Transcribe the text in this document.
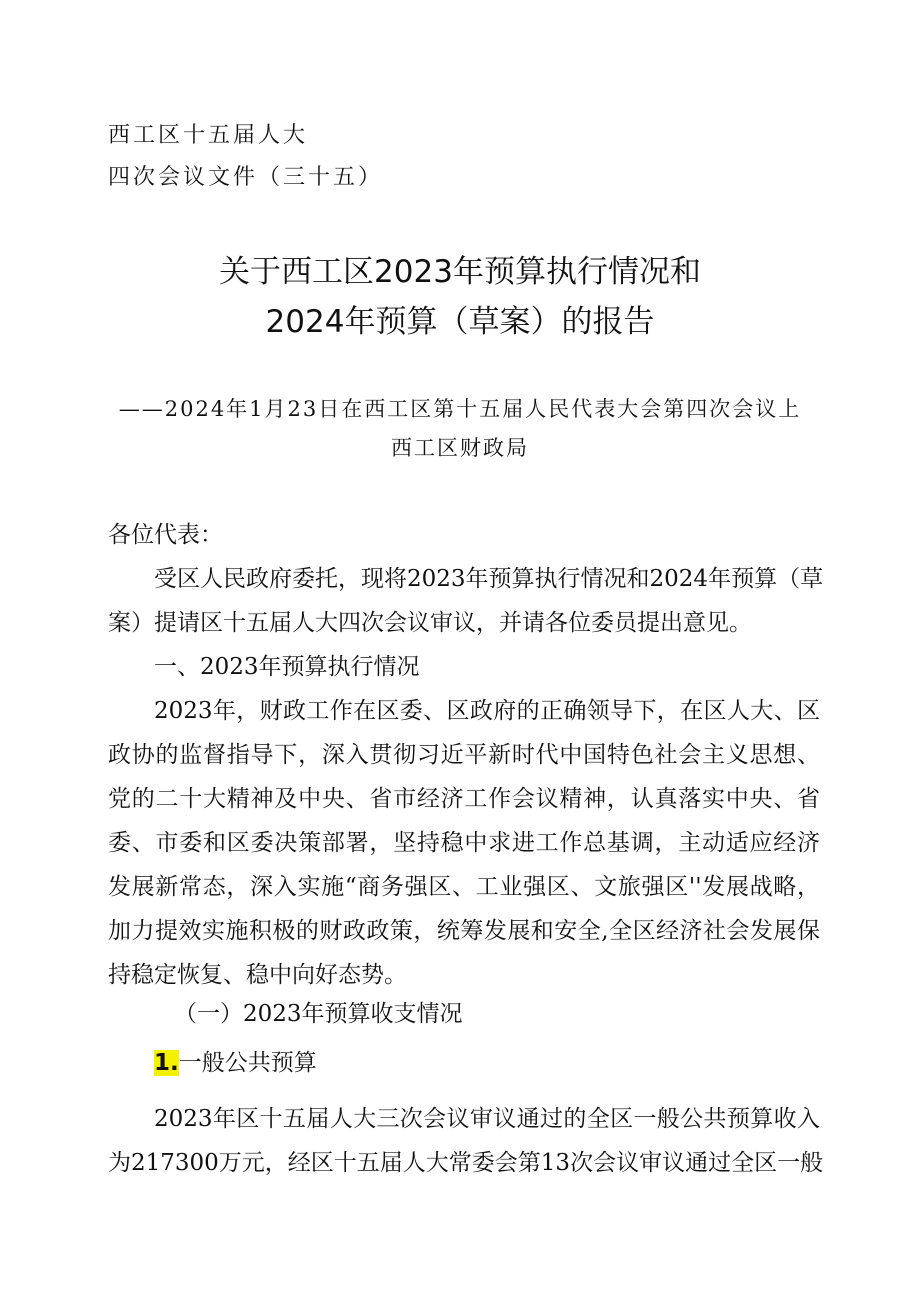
西工区十五届人大
四次会议文件（三十五）
关于西工区2023年预算执行情况和
2024年预算（草案）的报告
——2024年1月23日在西工区第十五届人民代表大会第四次会议上
西工区财政局
各位代表：
受区人民政府委托，现将2023年预算执行情况和2024年预算（草
案）提请区十五届人大四次会议审议，并请各位委员提出意见。
一、2023年预算执行情况
2023年，财政工作在区委、区政府的正确领导下，在区人大、区
政协的监督指导下，深入贯彻习近平新时代中国特色社会主义思想、
党的二十大精神及中央、省市经济工作会议精神，认真落实中央、省
委、市委和区委决策部署，坚持稳中求进工作总基调，主动适应经济
发展新常态，深入实施“商务强区、工业强区、文旅强区''发展战略，
加力提效实施积极的财政政策，统筹发展和安全,全区经济社会发展保
持稳定恢复、稳中向好态势。
（一）2023年预算收支情况
1.一般公共预算
2023年区十五届人大三次会议审议通过的全区一般公共预算收入
为217300万元，经区十五届人大常委会第13次会议审议通过全区一般
